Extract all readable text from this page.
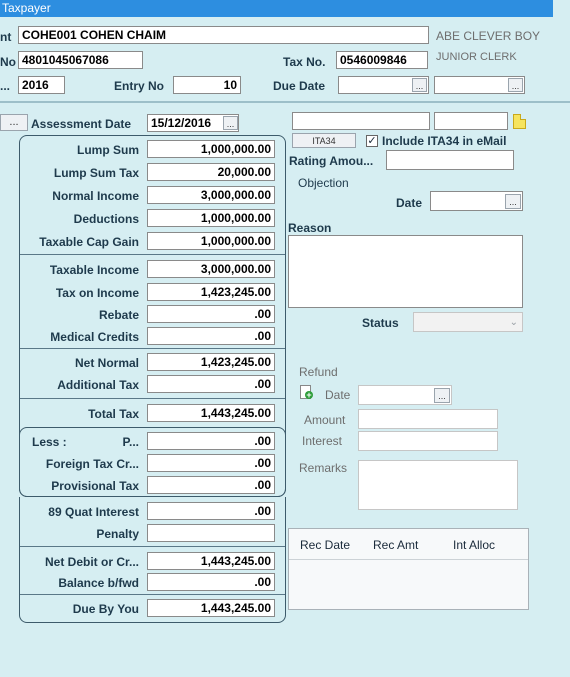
Taxpayer
nt COHE001 COHEN CHAIM	ABE CLEVER BOY
No 4801045067086	Tax No.	0546009846	JUNIOR CLERK
... 2016	Entry No	10	Due Date	...	...
...	Assessment Date	15/12/2016	...
Lump Sum	1,000,000.00
Lump Sum Tax	20,000.00
Normal Income	3,000,000.00
Deductions	1,000,000.00
Taxable Cap Gain	1,000,000.00
Taxable Income	3,000,000.00
Tax on Income	1,423,245.00
Rebate	.00
Medical Credits	.00
Net Normal	1,423,245.00
Additional Tax	.00
Total Tax	1,443,245.00
Less :	P...	.00
Foreign Tax Cr...	.00
Provisional Tax	.00
89 Quat Interest	.00
Penalty
Net Debit or Cr...	1,443,245.00
Balance b/fwd	.00
Due By You	1,443,245.00
ITA34	✓ Include ITA34 in eMail
Rating Amou...
Objection
Date	...
Reason
Status	⌄
Refund
+ Date	...
Amount
Interest
Remarks
Rec Date Rec Amt	Int Alloc
